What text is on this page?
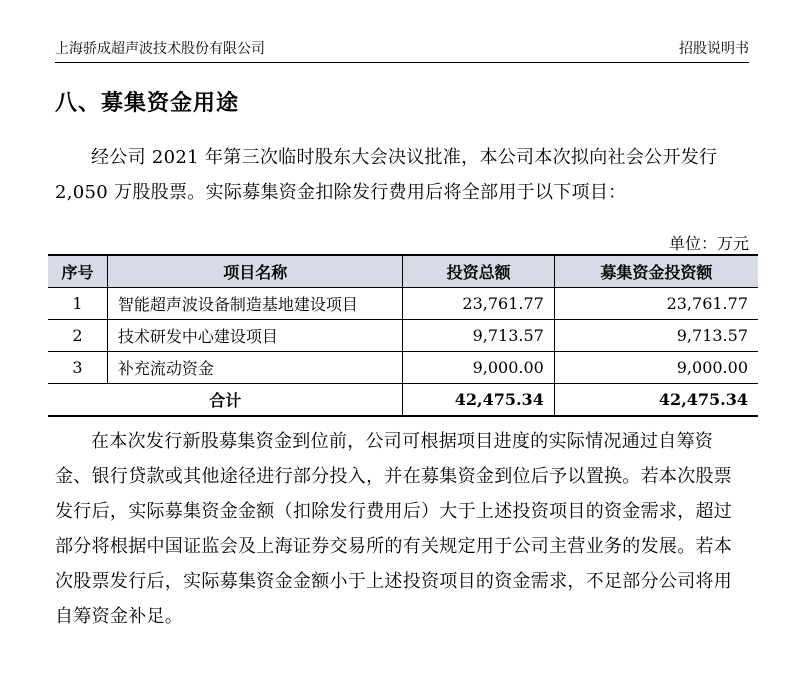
上海骄成超声波技术股份有限公司	招股说明书
八、募集资金用途
经公司 2021 年第三次临时股东大会决议批准，本公司本次拟向社会公开发行 2,050 万股股票。实际募集资金扣除发行费用后将全部用于以下项目：
单位：万元
序号	项目名称	投资总额	募集资金投资额
1	智能超声波设备制造基地建设项目	23,761.77	23,761.77
2	技术研发中心建设项目	9,713.57	9,713.57
3	补充流动资金	9,000.00	9,000.00
合计		42,475.34	42,475.34
在本次发行新股募集资金到位前，公司可根据项目进度的实际情况通过自筹资金、银行贷款或其他途径进行部分投入，并在募集资金到位后予以置换。若本次股票发行后，实际募集资金金额（扣除发行费用后）大于上述投资项目的资金需求，超过部分将根据中国证监会及上海证券交易所的有关规定用于公司主营业务的发展。若本次股票发行后，实际募集资金金额小于上述投资项目的资金需求，不足部分公司将用自筹资金补足。
